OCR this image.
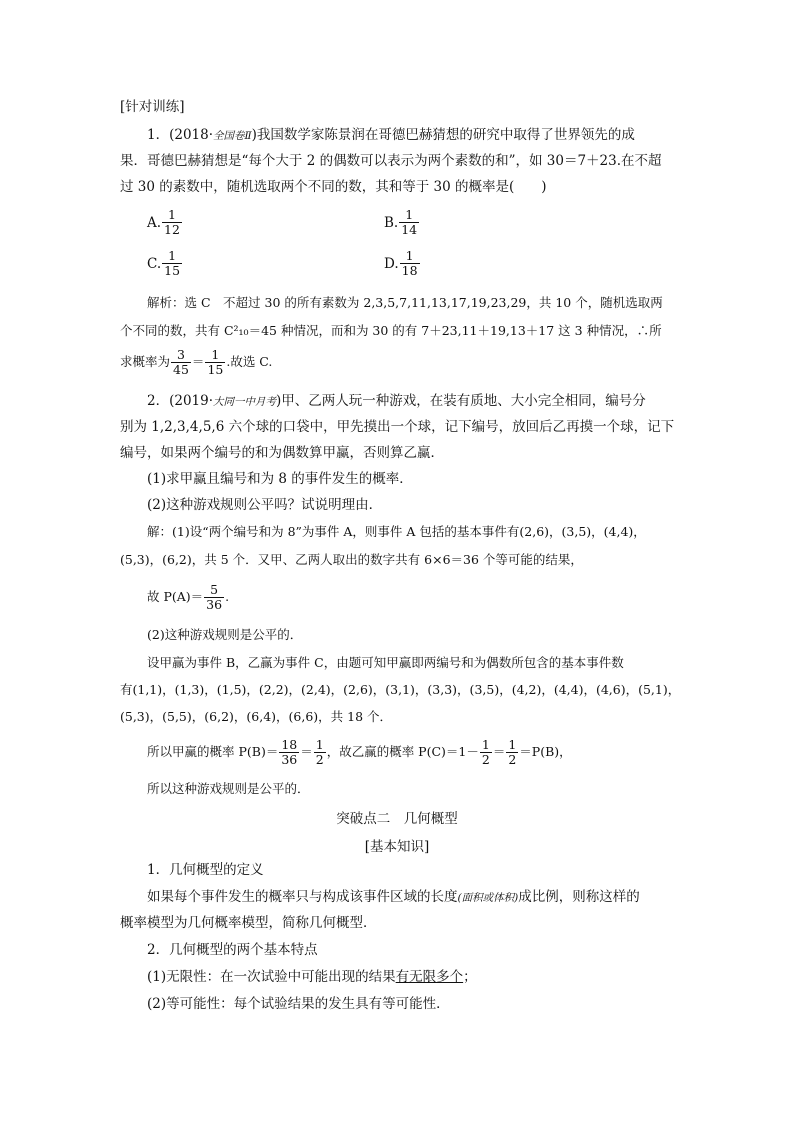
[针对训练]
1．(2018·全国卷Ⅱ)我国数学家陈景润在哥德巴赫猜想的研究中取得了世界领先的成
果．哥德巴赫猜想是“每个大于 2 的偶数可以表示为两个素数的和”，如 30＝7＋23.在不超
过 30 的素数中，随机选取两个不同的数，其和等于 30 的概率是(　　)
A. $\frac{1}{12}$	B. $\frac{1}{14}$
C. $\frac{1}{15}$	D. $\frac{1}{18}$
解析：选 C　不超过 30 的所有素数为 2,3,5,7,11,13,17,19,23,29，共 10 个，随机选取两
个不同的数，共有 C²₁₀＝45 种情况，而和为 30 的有 7＋23,11＋19,13＋17 这 3 种情况，∴所
求概率为 $\frac{3}{45} = \frac{1}{15}$ .故选 C.
2．(2019·大同一中月考)甲、乙两人玩一种游戏，在装有质地、大小完全相同，编号分
别为 1,2,3,4,5,6 六个球的口袋中，甲先摸出一个球，记下编号，放回后乙再摸一个球，记下
编号，如果两个编号的和为偶数算甲赢，否则算乙赢．
(1)求甲赢且编号和为 8 的事件发生的概率．
(2)这种游戏规则公平吗？试说明理由．
解：(1)设“两个编号和为 8”为事件 A，则事件 A 包括的基本事件有(2,6)，(3,5)，(4,4)，
(5,3)，(6,2)，共 5 个．又甲、乙两人取出的数字共有 6×6＝36 个等可能的结果，
故 $P(A)= \frac{5}{36}$ .
(2)这种游戏规则是公平的．
设甲赢为事件 B，乙赢为事件 C，由题可知甲赢即两编号和为偶数所包含的基本事件数
有(1,1)，(1,3)，(1,5)，(2,2)，(2,4)，(2,6)，(3,1)，(3,3)，(3,5)，(4,2)，(4,4)，(4,6)，(5,1)，
(5,3)，(5,5)，(6,2)，(6,4)，(6,6)，共 18 个．
所以甲赢的概率 $P(B)= \frac{18}{36} = \frac{1}{2}$ ，故乙赢的概率 $P(C)=1- \frac{1}{2} = \frac{1}{2} =P(B)$，
所以这种游戏规则是公平的．
突破点二　几何概型
[基本知识]
1．几何概型的定义
如果每个事件发生的概率只与构成该事件区域的长度(面积或体积)成比例，则称这样的
概率模型为几何概率模型，简称几何概型．
2．几何概型的两个基本特点
(1)无限性：在一次试验中可能出现的结果有无限多个；
(2)等可能性：每个试验结果的发生具有等可能性．
